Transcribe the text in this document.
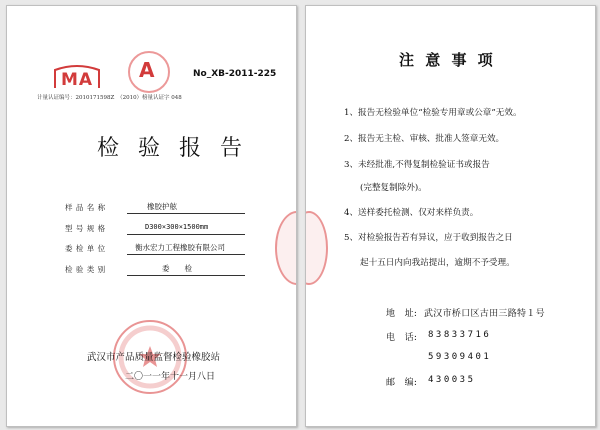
MA A	No_XB-2011-225
计量认证编号：2010171598Z　（2010）榜量认证字 048
检 验 报 告
样 品 名 称	橡胶护舷
型 号 规 格	D300×300×1500mm
委 检 单 位	衡水宏力工程橡胶有限公司
检 验 类 别	委　　检
武汉市产品质量监督检验橡胶站
二〇一一年十一月八日
注 意 事 项
1、报告无检验单位“检验专用章或公章”无效。
2、报告无主检、审核、批准人签章无效。
3、未经批准,不得复制检验证书或报告
(完整复制除外)。
4、送样委托检测、仅对来样负责。
5、对检验报告若有异议，应于收到报告之日
起十五日内向我站提出，逾期不予受理。
地　址: 武汉市桥口区古田三路特１号
电　话: 83833716
59309401
邮　编: 430035
